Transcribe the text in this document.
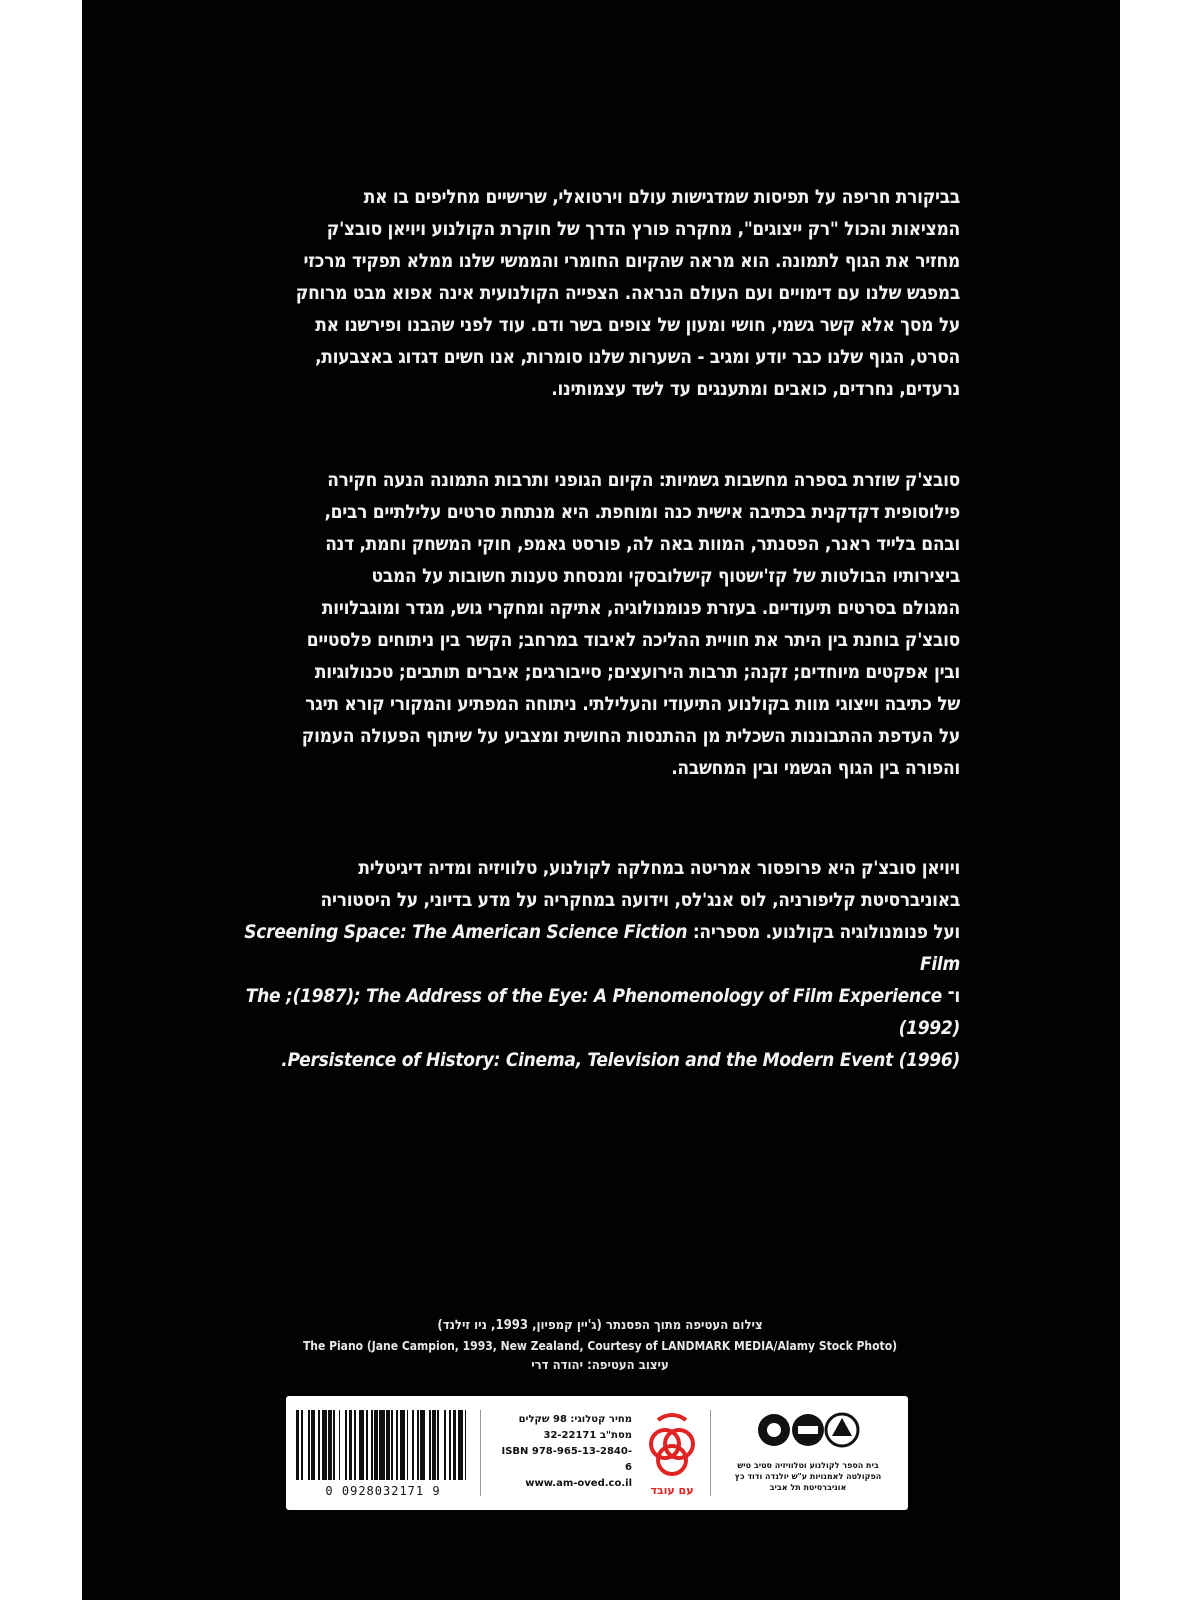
בביקורת חריפה על תפיסות שמדגישות עולם וירטואלי, שרישיים מחליפים בו את
המציאות והכול "רק ייצוגים", מחקרה פורץ הדרך של חוקרת הקולנוע ויויאן סובצ'ק
מחזיר את הגוף לתמונה. הוא מראה שהקיום החומרי והממשי שלנו ממלא תפקיד מרכזי
במפגש שלנו עם דימויים ועם העולם הנראה. הצפייה הקולנועית אינה אפוא מבט מרוחק
על מסך אלא קשר גשמי, חושי ומעון של צופים בשר ודם. עוד לפני שהבנו ופירשנו את
הסרט, הגוף שלנו כבר יודע ומגיב - השערות שלנו סומרות, אנו חשים דגדוג באצבעות,
נרעדים, נחרדים, כואבים ומתענגים עד לשד עצמותינו.
סובצ'ק שוזרת בספרה מחשבות גשמיות: הקיום הגופני ותרבות התמונה הנעה חקירה
פילוסופית דקדקנית בכתיבה אישית כנה ומוחפת. היא מנתחת סרטים עלילתיים רבים,
ובהם בלייד ראנר, הפסנתר, המוות באה לה, פורסט גאמפ, חוקי המשחק וחמת, דנה
ביצירותיו הבולטות של קז'ישטוף קישלובסקי ומנסחת טענות חשובות על המבט
המגולם בסרטים תיעודיים. בעזרת פנומנולוגיה, אתיקה ומחקרי גוש, מגדר ומוגבלויות
סובצ'ק בוחנת בין היתר את חוויית ההליכה לאיבוד במרחב; הקשר בין ניתוחים פלסטיים
ובין אפקטים מיוחדים; זקנה; תרבות הירועצים; סייבורגים; איברים תותבים; טכנולוגיות
של כתיבה וייצוגי מוות בקולנוע התיעודי והעלילתי. ניתוחה המפתיע והמקורי קורא תיגר
על העדפת ההתבוננות השכלית מן ההתנסות החושית ומצביע על שיתוף הפעולה העמוק
והפורה בין הגוף הגשמי ובין המחשבה.
ויויאן סובצ'ק היא פרופסור אמריטה במחלקה לקולנוע, טלוויזיה ומדיה דיגיטלית
באוניברסיטת קליפורניה, לוס אנג'לס, וידועה במחקריה על מדע בדיוני, על היסטוריה
ועל פנומנולוגיה בקולנוע. מספריה: Screening Space: The American Science Fiction Film
ו־ The ;(1987); The Address of the Eye: A Phenomenology of Film Experience (1992)
.Persistence of History: Cinema, Television and the Modern Event (1996)
צילום העטיפה מתוך הפסנתר (ג'יין קמפיון, 1993, ניו זילנד)
The Piano (Jane Campion, 1993, New Zealand, Courtesy of LANDMARK MEDIA/Alamy Stock Photo)
עיצוב העטיפה: יהודה דרי
0 0928032171 9
מחיר קטלוגי: 98 שקלים
מסת"ב 32-22171
ISBN 978-965-13-2840-6
www.am-oved.co.il
עם עובד
בית הספר לקולנוע וטלוויזיה סטיב טיש
הפקולטה לאמנויות ע"ש יולנדה ודוד כץ
אוניברסיטת תל אביב
